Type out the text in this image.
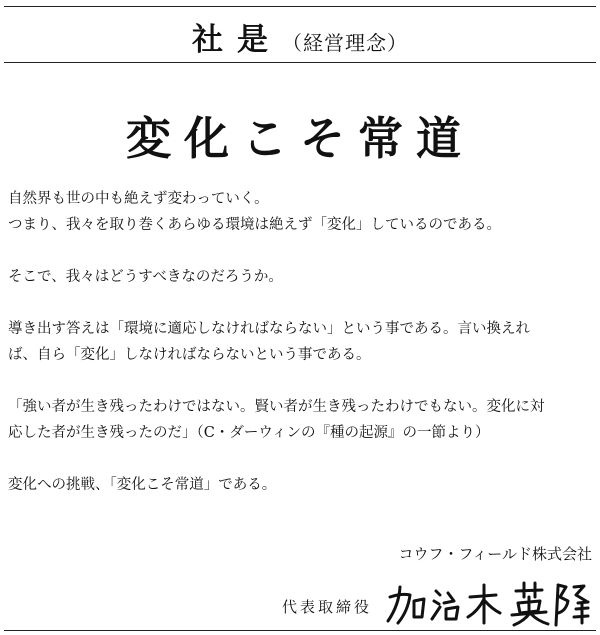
社是（経営理念）
変化こそ常道

自然界も世の中も絶えず変わっていく。

つまり、我々を取り巻くあらゆる環境は絶えず「変化」しているのである。

そこで、我々はどうすべきなのだろうか。

導き出す答えは「環境に適応しなければならない」という事である。言い換えれ

ば、自ら「変化」しなければならないという事である。

「強い者が生き残ったわけではない。賢い者が生き残ったわけでもない。変化に対

応した者が生き残ったのだ」（C・ダーウィンの『種の起源』の一節より）

変化への挑戦、「変化こそ常道」である。

コウフ・フィールド株式会社
代表取締役
加治木英隆
